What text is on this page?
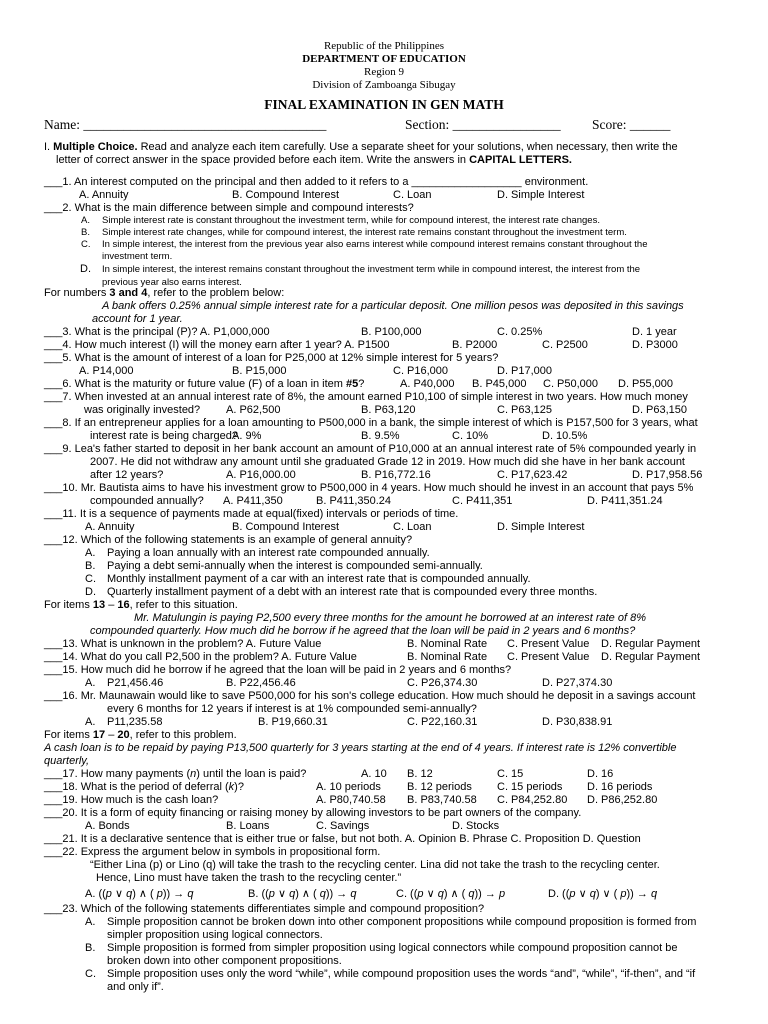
Republic of the Philippines
DEPARTMENT OF EDUCATION
Region 9
Division of Zamboanga Sibugay
FINAL EXAMINATION IN GEN MATH
Name: ____________________________________	Section: ________________ Score: ______
I. Multiple Choice. Read and analyze each item carefully. Use a separate sheet for your solutions, when necessary, then write the
letter of correct answer in the space provided before each item. Write the answers in CAPITAL LETTERS.
___1. An interest computed on the principal and then added to it refers to a __________________ environment.
A. Annuity	B. Compound Interest	C. Loan	D. Simple Interest
___2. What is the main difference between simple and compound interests?
A. Simple interest rate is constant throughout the investment term, while for compound interest, the interest rate changes.
B. Simple interest rate changes, while for compound interest, the interest rate remains constant throughout the investment term.
C. In simple interest, the interest from the previous year also earns interest while compound interest remains constant throughout the
investment term.
D. In simple interest, the interest remains constant throughout the investment term while in compound interest, the interest from the
previous year also earns interest.
For numbers 3 and 4, refer to the problem below:
A bank offers 0.25% annual simple interest rate for a particular deposit. One million pesos was deposited in this savings
account for 1 year.
___3. What is the principal (P)? A. P1,000,000	B. P100,000	C. 0.25%	D. 1 year
___4. How much interest (I) will the money earn after 1 year? A. P1500	B. P2000	C. P2500	D. P3000
___5. What is the amount of interest of a loan for P25,000 at 12% simple interest for 5 years?
A. P14,000	B. P15,000	C. P16,000	D. P17,000
___6. What is the maturity or future value (F) of a loan in item #5?	A. P40,000 B. P45,000 C. P50,000 D. P55,000
___7. When invested at an annual interest rate of 8%, the amount earned P10,100 of simple interest in two years. How much money
was originally invested? A. P62,500	B. P63,120	C. P63,125	D. P63,150
___8. If an entrepreneur applies for a loan amounting to P500,000 in a bank, the simple interest of which is P157,500 for 3 years, what
interest rate is being charged?
A. 9%	B. 9.5%	C. 10%	D. 10.5%
___9. Lea's father started to deposit in her bank account an amount of P10,000 at an annual interest rate of 5% compounded yearly in
2007. He did not withdraw any amount until she graduated Grade 12 in 2019. How much did she have in her bank account
after 12 years?	A. P16,000.00	B. P16,772.16	C. P17,623.42	D. P17,958.56
___10. Mr. Bautista aims to have his investment grow to P500,000 in 4 years. How much should he invest in an account that pays 5%
compounded annually? A. P411,350	B. P411,350.24	C. P411,351	D. P411,351.24
___11. It is a sequence of payments made at equal(fixed) intervals or periods of time.
A. Annuity	B. Compound Interest	C. Loan	D. Simple Interest
___12. Which of the following statements is an example of general annuity?
A. Paying a loan annually with an interest rate compounded annually.
B. Paying a debt semi-annually when the interest is compounded semi-annually.
C. Monthly installment payment of a car with an interest rate that is compounded annually.
D. Quarterly installment payment of a debt with an interest rate that is compounded every three months.
For items 13 – 16, refer to this situation.
Mr. Matulungin is paying P2,500 every three months for the amount he borrowed at an interest rate of 8%
compounded quarterly. How much did he borrow if he agreed that the loan will be paid in 2 years and 6 months?
___13. What is unknown in the problem? A. Future Value	B. Nominal Rate C. Present Value D. Regular Payment
___14. What do you call P2,500 in the problem? A. Future Value	B. Nominal Rate C. Present Value D. Regular Payment
___15. How much did he borrow if he agreed that the loan will be paid in 2 years and 6 months?
A. P21,456.46	B. P22,456.46	C. P26,374.30	D. P27,374.30
___16. Mr. Maunawain would like to save P500,000 for his son's college education. How much should he deposit in a savings account
every 6 months for 12 years if interest is at 1% compounded semi-annually?
A. P11,235.58	B. P19,660.31	C. P22,160.31	D. P30,838.91
For items 17 – 20, refer to this problem.
A cash loan is to be repaid by paying P13,500 quarterly for 3 years starting at the end of 4 years. If interest rate is 12% convertible
quarterly,
___17. How many payments (n) until the loan is paid?	A. 10 B. 12	C. 15	D. 16
___18. What is the period of deferral (k)?	A. 10 periods B. 12 periods C. 15 periods D. 16 periods
___19. How much is the cash loan?	A. P80,740.58 B. P83,740.58 C. P84,252.80 D. P86,252.80
___20. It is a form of equity financing or raising money by allowing investors to be part owners of the company.
A. Bonds	B. Loans	C. Savings	D. Stocks
___21. It is a declarative sentence that is either true or false, but not both. A. Opinion B. Phrase C. Proposition D. Question
___22. Express the argument below in symbols in propositional form.
“Either Lina (p) or Lino (q) will take the trash to the recycling center. Lina did not take the trash to the recycling center.
Hence, Lino must have taken the trash to the recycling center.”
A. ((p ∨ q) ∧ ( p)) → q	B. ((p ∨ q) ∧ ( q)) → q	C. ((p ∨ q) ∧ ( q)) → p	D. ((p ∨ q) ∨ ( p)) → q
___23. Which of the following statements differentiates simple and compound proposition?
A. Simple proposition cannot be broken down into other component propositions while compound proposition is formed from
simpler proposition using logical connectors.
B. Simple proposition is formed from simpler proposition using logical connectors while compound proposition cannot be
broken down into other component propositions.
C. Simple proposition uses only the word “while”, while compound proposition uses the words “and”, “while”, “if-then”, and “if
and only if”.
